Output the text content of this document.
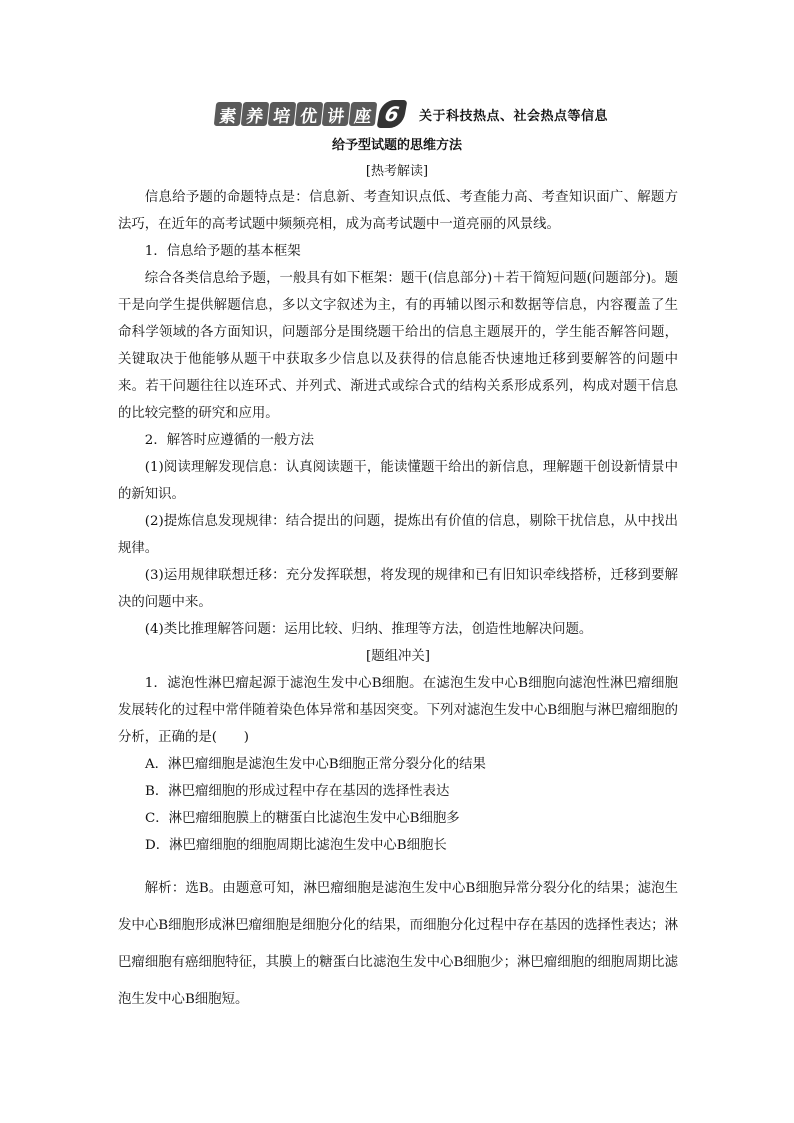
素 养 培 优 讲 座 6	关于科技热点、社会热点等信息
给予型试题的思维方法
[热考解读]

信息给予题的命题特点是：信息新、考查知识点低、考查能力高、考查知识面广、解题方法巧，在近年的高考试题中频频亮相，成为高考试题中一道亮丽的风景线。

1．信息给予题的基本框架

综合各类信息给予题，一般具有如下框架：题干(信息部分)＋若干简短问题(问题部分)。题干是向学生提供解题信息，多以文字叙述为主，有的再辅以图示和数据等信息，内容覆盖了生命科学领域的各方面知识，问题部分是围绕题干给出的信息主题展开的，学生能否解答问题，关键取决于他能够从题干中获取多少信息以及获得的信息能否快速地迁移到要解答的问题中来。若干问题往往以连环式、并列式、渐进式或综合式的结构关系形成系列，构成对题干信息的比较完整的研究和应用。

2．解答时应遵循的一般方法

(1)阅读理解发现信息：认真阅读题干，能读懂题干给出的新信息，理解题干创设新情景中的新知识。

(2)提炼信息发现规律：结合提出的问题，提炼出有价值的信息，剔除干扰信息，从中找出规律。

(3)运用规律联想迁移：充分发挥联想，将发现的规律和已有旧知识牵线搭桥，迁移到要解决的问题中来。

(4)类比推理解答问题：运用比较、归纳、推理等方法，创造性地解决问题。

[题组冲关]

1．滤泡性淋巴瘤起源于滤泡生发中心B细胞。在滤泡生发中心B细胞向滤泡性淋巴瘤细胞发展转化的过程中常伴随着染色体异常和基因突变。下列对滤泡生发中心B细胞与淋巴瘤细胞的分析，正确的是(　　)

A．淋巴瘤细胞是滤泡生发中心B细胞正常分裂分化的结果

B．淋巴瘤细胞的形成过程中存在基因的选择性表达

C．淋巴瘤细胞膜上的糖蛋白比滤泡生发中心B细胞多

D．淋巴瘤细胞的细胞周期比滤泡生发中心B细胞长

解析：选B。由题意可知，淋巴瘤细胞是滤泡生发中心B细胞异常分裂分化的结果；滤泡生发中心B细胞形成淋巴瘤细胞是细胞分化的结果，而细胞分化过程中存在基因的选择性表达；淋巴瘤细胞有癌细胞特征，其膜上的糖蛋白比滤泡生发中心B细胞少；淋巴瘤细胞的细胞周期比滤泡生发中心B细胞短。
